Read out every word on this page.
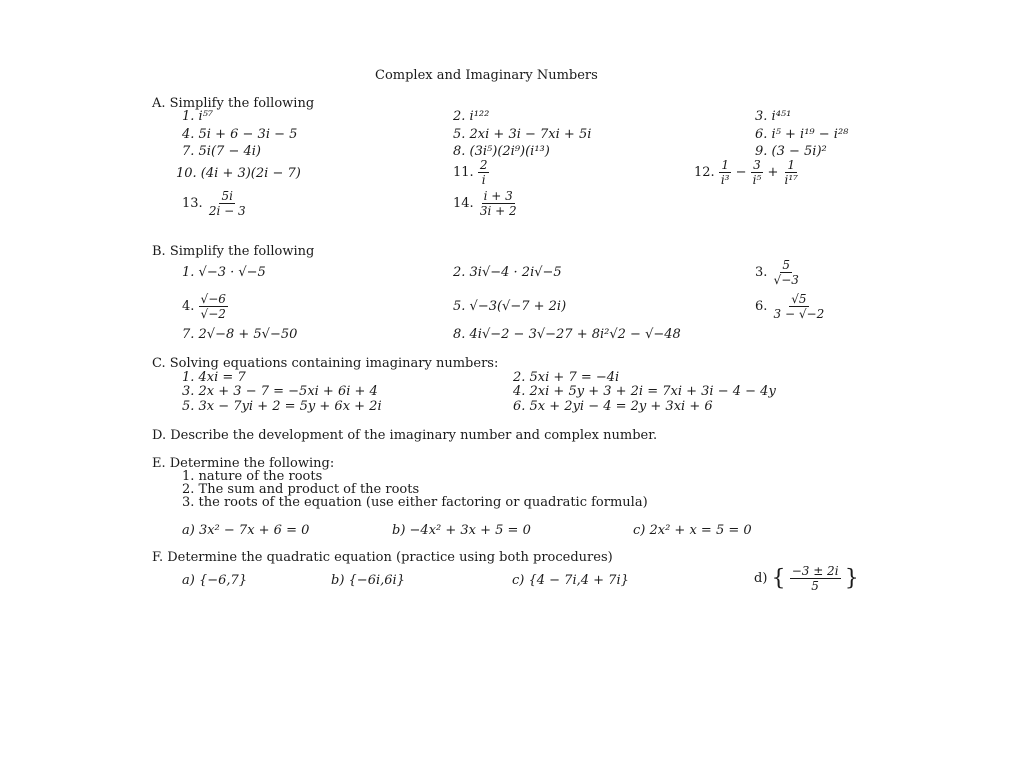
Complex and Imaginary Numbers
A. Simplify the following
1. i⁵⁷	2. i¹²²	3. i⁴⁵¹
4. 5i + 6 − 3i − 5	5. 2xi + 3i − 7xi + 5i	6. i⁵ + i¹⁹ − i²⁸
7. 5i(7 − 4i)	8. (3i⁵)(2i⁹)(i¹³)	9. (3 − 5i)²
10. (4i + 3)(2i − 7)	11. $\frac{2}{i}$	12. $\frac{1}{\text{i³}} - \frac{3}{\text{i⁵}} + \frac{1}{\text{i¹⁷}}$
13. $\frac{5i}{2i - 3}$	14. $\frac{i + 3}{3i + 2}$
B. Simplify the following
1. √−3 · √−5	2. 3i√−4 · 2i√−5	3. $\frac{5}{√-3}$
4. $\frac{√-6}{√-2}$	5. √−3(√−7 + 2i)	6. $\frac{√5}{3 - √-2}$
7. 2√−8 + 5√−50	8. 4i√−2 − 3√−27 + 8i²√2 − √−48
C. Solving equations containing imaginary numbers:
1. 4xi = 7	2. 5xi + 7 = −4i
3. 2x + 3 − 7 = −5xi + 6i + 4	4. 2xi + 5y + 3 + 2i = 7xi + 3i − 4 − 4y
5. 3x − 7yi + 2 = 5y + 6x + 2i	6. 5x + 2yi − 4 = 2y + 3xi + 6
D. Describe the development of the imaginary number and complex number.
E. Determine the following:
1. nature of the roots
2. The sum and product of the roots
3. the roots of the equation (use either factoring or quadratic formula)
a) 3x² − 7x + 6 = 0	b) −4x² + 3x + 5 = 0	c) 2x² + x = 5 = 0
F. Determine the quadratic equation (practice using both procedures)
a) {−6,7}	b) {−6i,6i}	c) {4 − 7i,4 + 7i}	d) { $\frac{-3 \pm 2i}{5}$ }
